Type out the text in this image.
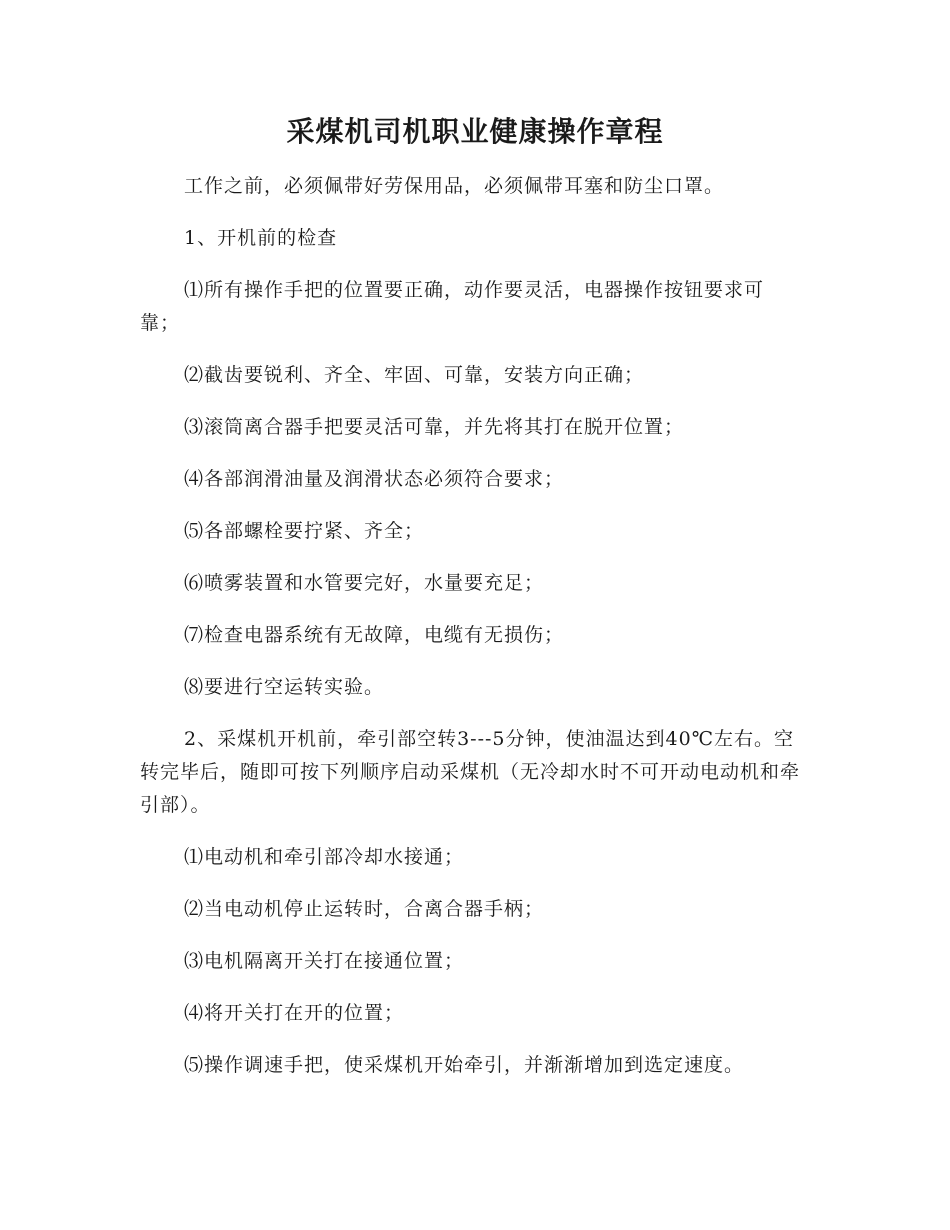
采煤机司机职业健康操作章程

工作之前，必须佩带好劳保用品，必须佩带耳塞和防尘口罩。

1、开机前的检查

⑴所有操作手把的位置要正确，动作要灵活，电器操作按钮要求可靠；

⑵截齿要锐利、齐全、牢固、可靠，安装方向正确；

⑶滚筒离合器手把要灵活可靠，并先将其打在脱开位置；

⑷各部润滑油量及润滑状态必须符合要求；

⑸各部螺栓要拧紧、齐全；

⑹喷雾装置和水管要完好，水量要充足；

⑺检查电器系统有无故障，电缆有无损伤；

⑻要进行空运转实验。

2、采煤机开机前，牵引部空转3---5分钟，使油温达到40℃左右。空转完毕后，随即可按下列顺序启动采煤机（无冷却水时不可开动电动机和牵引部）。

⑴电动机和牵引部冷却水接通；

⑵当电动机停止运转时，合离合器手柄；

⑶电机隔离开关打在接通位置；

⑷将开关打在开的位置；

⑸操作调速手把，使采煤机开始牵引，并渐渐增加到选定速度。
